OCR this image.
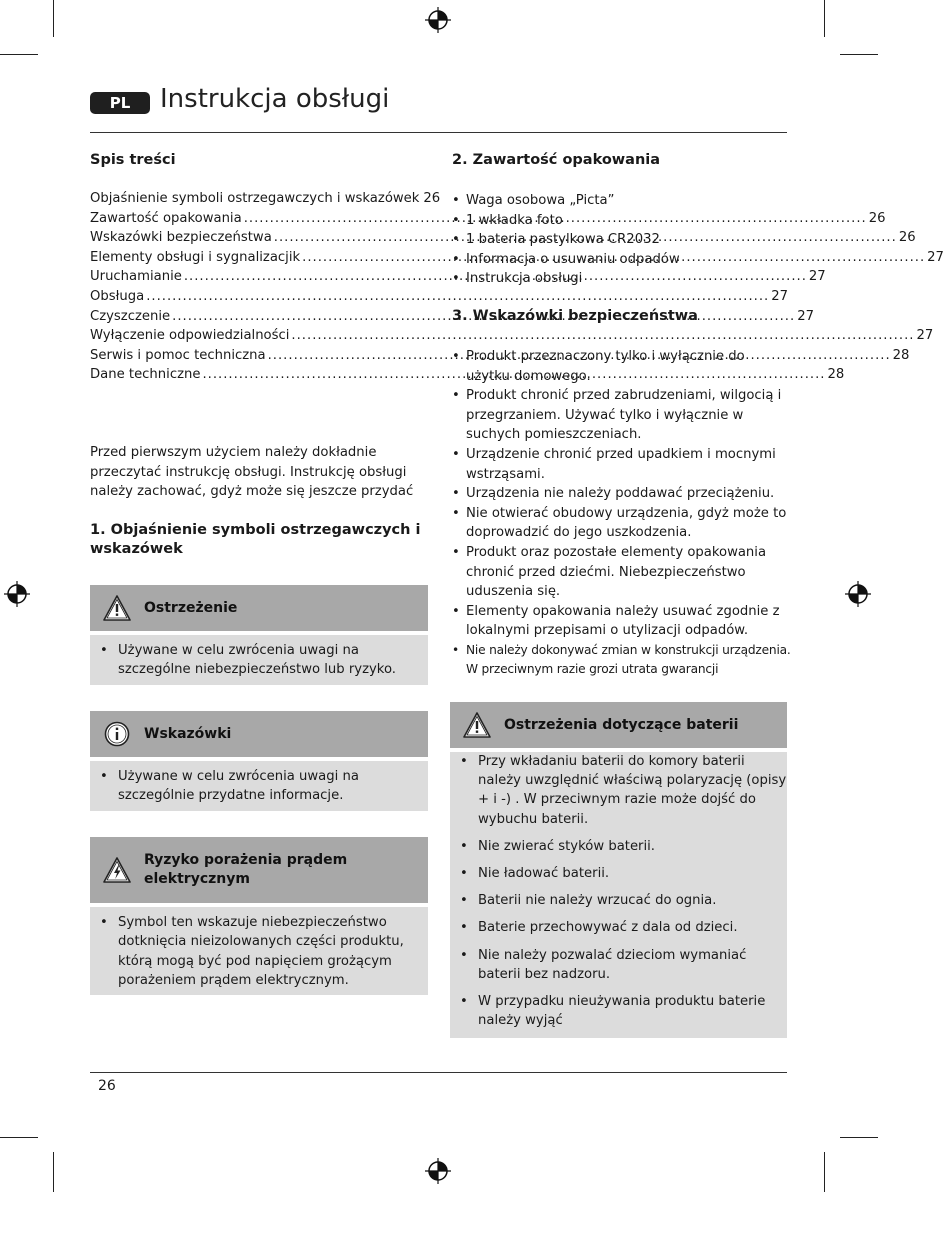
PL	Instrukcja obsługi
Spis treści
Objaśnienie symboli ostrzegawczych i wskazówek 26
Zawartość opakowania .....	26
Wskazówki bezpieczeństwa .....	26
Elementy obsługi i sygnalizacjik .....	27
Uruchamianie .....	27
Obsługa .....	27
Czyszczenie .....	27
Wyłączenie odpowiedzialności .....	27
Serwis i pomoc techniczna .....	28
Dane techniczne .....	28

Przed pierwszym użyciem należy dokładnie przeczytać instrukcję obsługi. Instrukcję obsługi należy zachować, gdyż może się jeszcze przydać

1. Objaśnienie symboli ostrzegawczych i
wskazówek
Ostrzeżenie
• Używane w celu zwrócenia uwagi na szczególne niebezpieczeństwo lub ryzyko.
Wskazówki
• Używane w celu zwrócenia uwagi na szczególnie przydatne informacje.
Ryzyko porażenia prądem
elektrycznym
• Symbol ten wskazuje niebezpieczeństwo dotknięcia nieizolowanych części produktu, którą mogą być pod napięciem grożącym porażeniem prądem elektrycznym.
2. Zawartość opakowania
• Waga osobowa „Picta”
• 1 wkładka foto
• 1 bateria pastylkowa CR2032
• Informacja o usuwaniu odpadów
• Instrukcja obsługi
3. Wskazówki bezpieczeństwa
• Produkt przeznaczony tylko i wyłącznie do użytku domowego.
• Produkt chronić przed zabrudzeniami, wilgocią i przegrzaniem. Używać tylko i wyłącznie w suchych pomieszczeniach.
• Urządzenie chronić przed upadkiem i mocnymi wstrząsami.
• Urządzenia nie należy poddawać przeciążeniu.
• Nie otwierać obudowy urządzenia, gdyż może to doprowadzić do jego uszkodzenia.
• Produkt oraz pozostałe elementy opakowania chronić przed dziećmi. Niebezpieczeństwo uduszenia się.
• Elementy opakowania należy usuwać zgodnie z lokalnymi przepisami o utylizacji odpadów.
• Nie należy dokonywać zmian w konstrukcji urządzenia. W przeciwnym razie grozi utrata gwarancji
Ostrzeżenia dotyczące baterii
• Przy wkładaniu baterii do komory baterii należy uwzględnić właściwą polaryzację (opisy + i -) . W przeciwnym razie może dojść do wybuchu baterii.
• Nie zwierać styków baterii.
• Nie ładować baterii.
• Baterii nie należy wrzucać do ognia.
• Baterie przechowywać z dala od dzieci.
• Nie należy pozwalać dzieciom wymaniać baterii bez nadzoru.
• W przypadku nieużywania produktu baterie należy wyjąć
26
